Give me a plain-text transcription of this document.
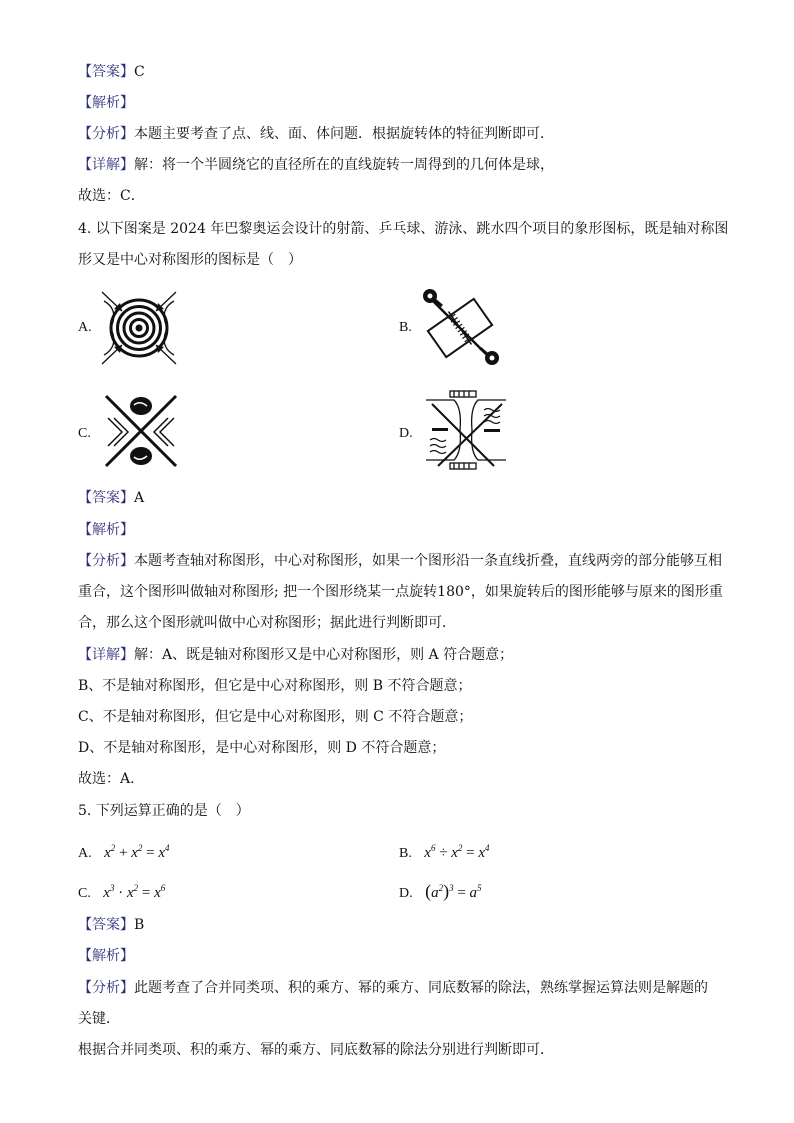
【答案】C
【解析】
【分析】本题主要考查了点、线、面、体问题．根据旋转体的特征判断即可．
【详解】解：将一个半圆绕它的直径所在的直线旋转一周得到的几何体是球，
故选：C．
4. 以下图案是 2024 年巴黎奥运会设计的射箭、乒乓球、游泳、跳水四个项目的象形图标，既是轴对称图
形又是中心对称图形的图标是（　）
A.	B.
C.	D.
【答案】A
【解析】
【分析】本题考查轴对称图形，中心对称图形，如果一个图形沿一条直线折叠，直线两旁的部分能够互相
重合，这个图形叫做轴对称图形; 把一个图形绕某一点旋转180°，如果旋转后的图形能够与原来的图形重
合，那么这个图形就叫做中心对称图形；据此进行判断即可．
【详解】解：A、既是轴对称图形又是中心对称图形，则 A 符合题意；
B、不是轴对称图形，但它是中心对称图形，则 B 不符合题意；
C、不是轴对称图形，但它是中心对称图形，则 C 不符合题意；
D、不是轴对称图形，是中心对称图形，则 D 不符合题意；
故选：A．
5. 下列运算正确的是（　）
A. $x^2 + x^2 = x^4$	B. $x^6 \div x^2 = x^4$
C. $x^3 \cdot x^2 = x^6$	D. $(a^2)^3 = a^5$
【答案】B
【解析】
【分析】此题考查了合并同类项、积的乘方、幂的乘方、同底数幂的除法，熟练掌握运算法则是解题的
关键．
根据合并同类项、积的乘方、幂的乘方、同底数幂的除法分别进行判断即可．
